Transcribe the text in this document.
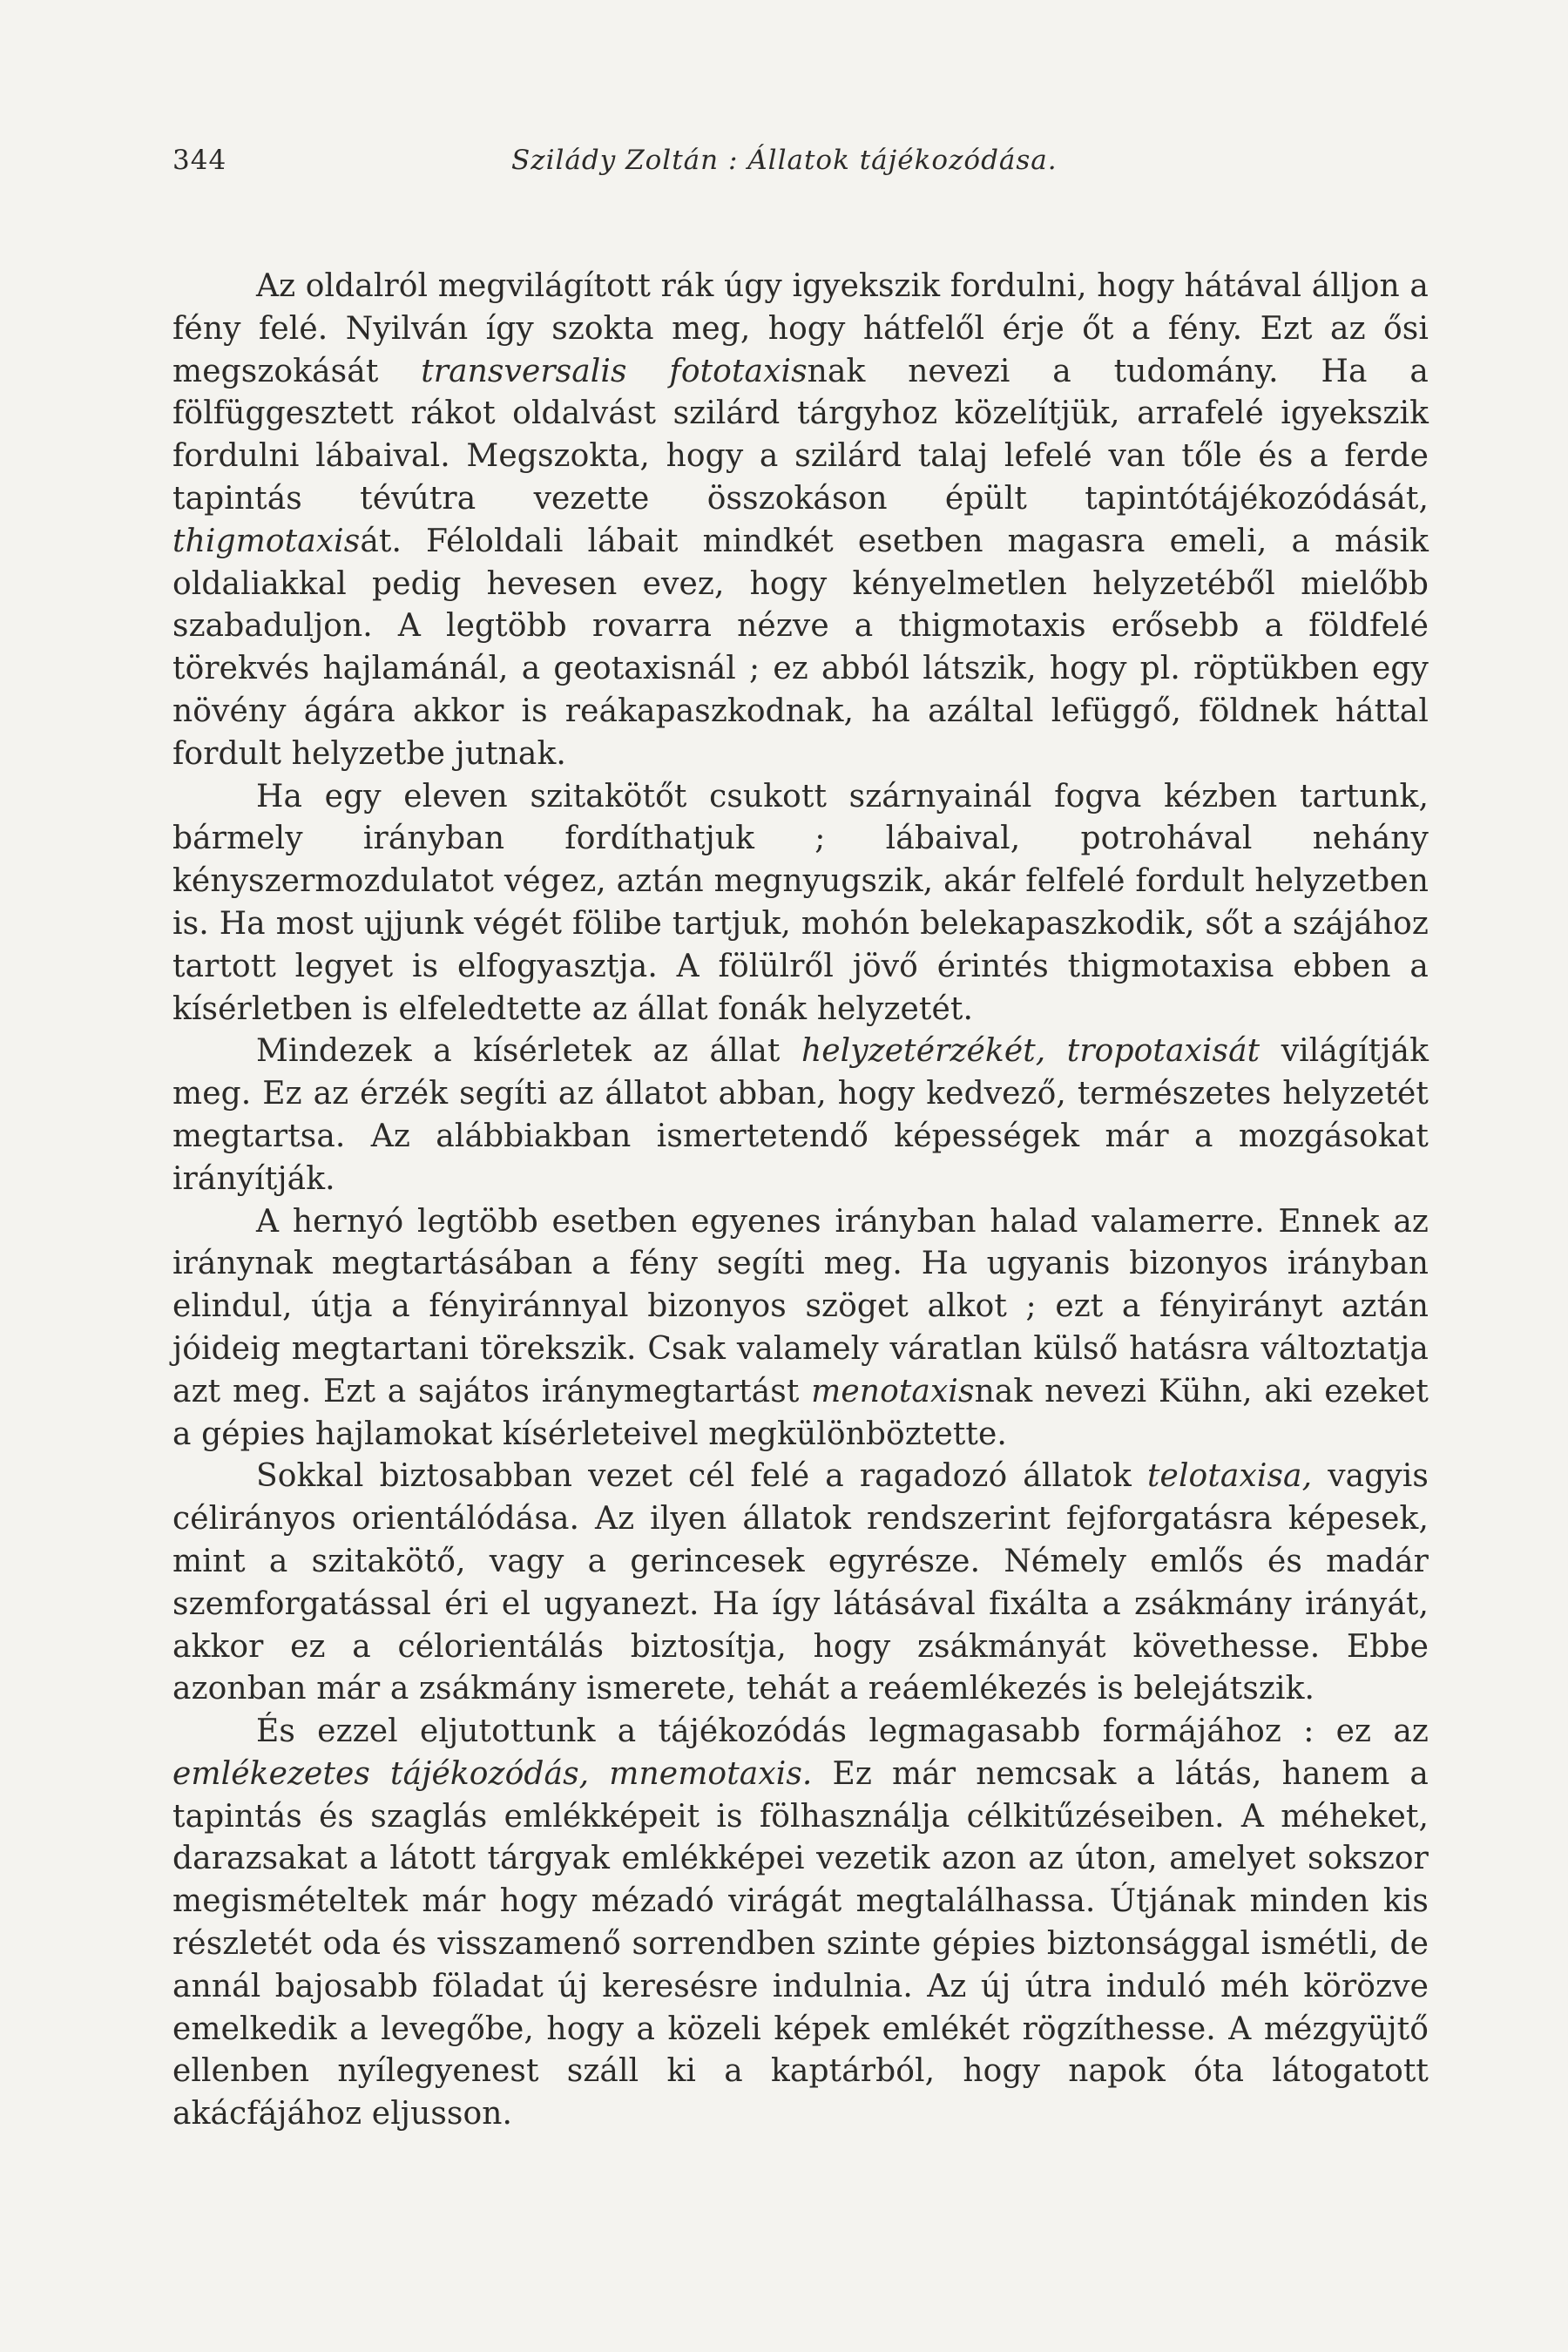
344	Szilády Zoltán : Állatok tájékozódása.

Az oldalról megvilágított rák úgy igyekszik fordulni, hogy hátával álljon a fény felé. Nyilván így szokta meg, hogy hátfelől érje őt a fény. Ezt az ősi megszokását transversalis fototaxisnak nevezi a tudomány. Ha a fölfüggesztett rákot oldalvást szilárd tárgyhoz közelítjük, arrafelé igyekszik fordulni lábaival. Megszokta, hogy a szilárd talaj lefelé van tőle és a ferde tapintás tévútra vezette összokáson épült tapintótájékozódását, thigmotaxisát. Féloldali lábait mindkét esetben magasra emeli, a másik oldaliakkal pedig hevesen evez, hogy kényelmetlen helyzetéből mielőbb szabaduljon. A legtöbb rovarra nézve a thigmotaxis erősebb a földfelé törekvés hajlamánál, a geotaxisnál ; ez abból látszik, hogy pl. röptükben egy növény ágára akkor is reákapaszkodnak, ha azáltal lefüggő, földnek háttal fordult helyzetbe jutnak.

Ha egy eleven szitakötőt csukott szárnyainál fogva kézben tartunk, bármely irányban fordíthatjuk ; lábaival, potrohával nehány kényszermozdulatot végez, aztán megnyugszik, akár felfelé fordult helyzetben is. Ha most ujjunk végét fölibe tartjuk, mohón belekapaszkodik, sőt a szájához tartott legyet is elfogyasztja. A fölülről jövő érintés thigmotaxisa ebben a kísérletben is elfeledtette az állat fonák helyzetét.

Mindezek a kísérletek az állat helyzetérzékét, tropotaxisát világítják meg. Ez az érzék segíti az állatot abban, hogy kedvező, természetes helyzetét megtartsa. Az alábbiakban ismertetendő képességek már a mozgásokat irányítják.

A hernyó legtöbb esetben egyenes irányban halad valamerre. Ennek az iránynak megtartásában a fény segíti meg. Ha ugyanis bizonyos irányban elindul, útja a fényiránnyal bizonyos szöget alkot ; ezt a fényirányt aztán jóideig megtartani törekszik. Csak valamely váratlan külső hatásra változtatja azt meg. Ezt a sajátos iránymegtartást menotaxisnak nevezi Kühn, aki ezeket a gépies hajlamokat kísérleteivel megkülönböztette.

Sokkal biztosabban vezet cél felé a ragadozó állatok telotaxisa, vagyis célirányos orientálódása. Az ilyen állatok rendszerint fejforgatásra képesek, mint a szitakötő, vagy a gerincesek egyrésze. Némely emlős és madár szemforgatással éri el ugyanezt. Ha így látásával fixálta a zsákmány irányát, akkor ez a célorientálás biztosítja, hogy zsákmányát követhesse. Ebbe azonban már a zsákmány ismerete, tehát a reáemlékezés is belejátszik.

És ezzel eljutottunk a tájékozódás legmagasabb formájához : ez az emlékezetes tájékozódás, mnemotaxis. Ez már nemcsak a látás, hanem a tapintás és szaglás emlékképeit is fölhasználja célkitűzéseiben. A méheket, darazsakat a látott tárgyak emlékképei vezetik azon az úton, amelyet sokszor megismételtek már hogy mézadó virágát megtalálhassa. Útjának minden kis részletét oda és visszamenő sorrendben szinte gépies biztonsággal ismétli, de annál bajosabb föladat új keresésre indulnia. Az új útra induló méh körözve emelkedik a levegőbe, hogy a közeli képek emlékét rögzíthesse. A mézgyüjtő ellenben nyílegyenest száll ki a kaptárból, hogy napok óta látogatott akácfájához eljusson.
